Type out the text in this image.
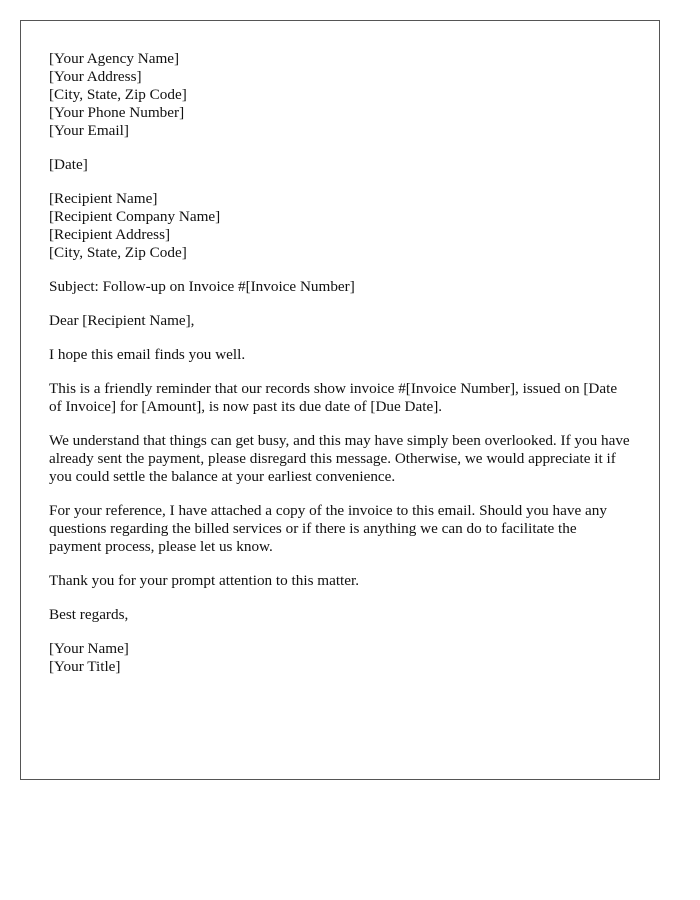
[Your Agency Name]
[Your Address]
[City, State, Zip Code]
[Your Phone Number]
[Your Email]
[Date]
[Recipient Name]
[Recipient Company Name]
[Recipient Address]
[City, State, Zip Code]

Subject: Follow-up on Invoice #[Invoice Number]

Dear [Recipient Name],

I hope this email finds you well.

This is a friendly reminder that our records show invoice #[Invoice Number], issued on [Date of Invoice] for [Amount], is now past its due date of [Due Date].

We understand that things can get busy, and this may have simply been overlooked. If you have already sent the payment, please disregard this message. Otherwise, we would appreciate it if you could settle the balance at your earliest convenience.

For your reference, I have attached a copy of the invoice to this email. Should you have any questions regarding the billed services or if there is anything we can do to facilitate the payment process, please let us know.

Thank you for your prompt attention to this matter.

Best regards,

[Your Name]
[Your Title]
